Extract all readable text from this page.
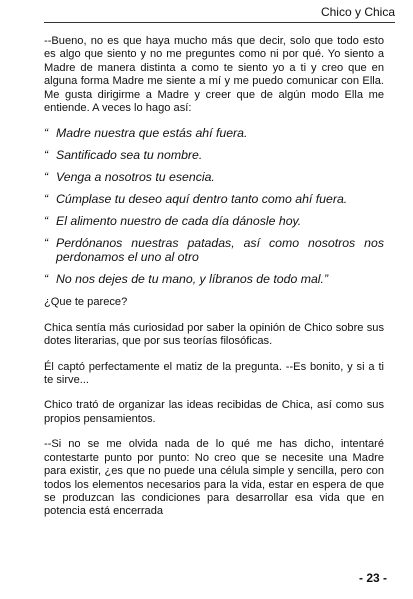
Chico y Chica

--Bueno, no es que haya mucho más que decir, solo que todo esto es algo que siento y no me preguntes como ni por qué. Yo siento a Madre de manera distinta a como te siento yo a ti y creo que en alguna forma Madre me siente a mí y me puedo comunicar con Ella. Me gusta dirigirme a Madre y creer que de algún modo Ella me entiende. A veces lo hago así:

“ Madre nuestra que estás ahí fuera.
“ Santificado sea tu nombre.
“ Venga a nosotros tu esencia.
“ Cúmplase tu deseo aquí dentro tanto como ahí fuera.
“ El alimento nuestro de cada día dánosle hoy.
“ Perdónanos nuestras patadas, así como nosotros nos perdonamos el uno al otro
“ No nos dejes de tu mano, y líbranos de todo mal.”

¿Que te parece?

Chica sentía más curiosidad por saber la opinión de Chico sobre sus dotes literarias, que por sus teorías filosóficas.

Él captó perfectamente el matiz de la pregunta. --Es bonito, y si a ti te sirve...

Chico trató de organizar las ideas recibidas de Chica, así como sus propios pensamientos.

--Si no se me olvida nada de lo qué me has dicho, intentaré contestarte punto por punto: No creo que se necesite una Madre para existir, ¿es que no puede una célula simple y sencilla, pero con todos los elementos necesarios para la vida, estar en espera de que se produzcan las condiciones para desarrollar esa vida que en potencia está encerrada

- 23 -
